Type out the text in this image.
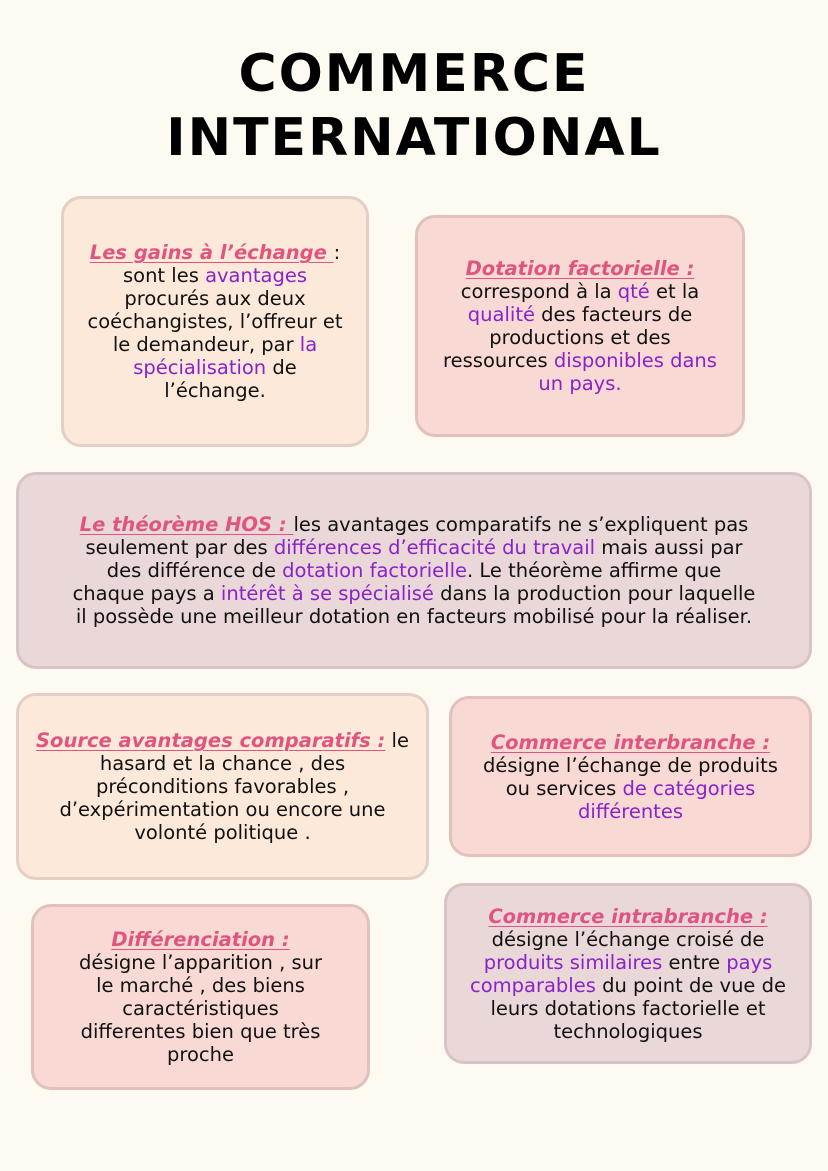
COMMERCE
INTERNATIONAL

Les gains à l’échange : sont les avantages procurés aux deux coéchangistes, l’offreur et le demandeur, par la spécialisation de l’échange.

Dotation factorielle : correspond à la qté et la qualité des facteurs de productions et des ressources disponibles dans un pays.

Le théorème HOS : les avantages comparatifs ne s’expliquent pas seulement par des différences d’efficacité du travail mais aussi par des différence de dotation factorielle. Le théorème affirme que chaque pays a intérêt à se spécialisé dans la production pour laquelle il possède une meilleur dotation en facteurs mobilisé pour la réaliser.

Source avantages comparatifs : le hasard et la chance , des préconditions favorables , d’expérimentation ou encore une volonté politique .

Commerce interbranche : désigne l’échange de produits ou services de catégories différentes

Différenciation : désigne l’apparition , sur le marché , des biens caractéristiques differentes bien que très proche

Commerce intrabranche : désigne l’échange croisé de produits similaires entre pays comparables du point de vue de leurs dotations factorielle et technologiques
